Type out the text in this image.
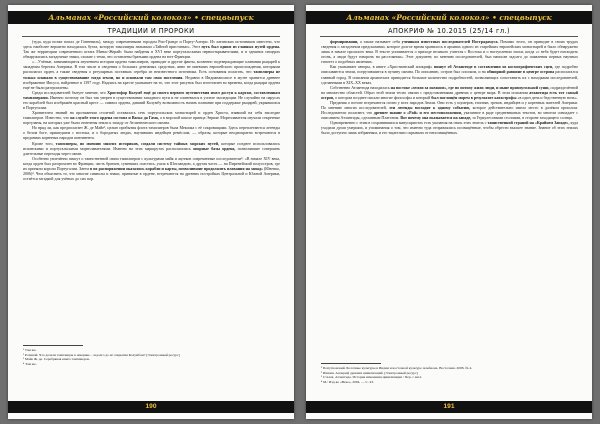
Альманах «Российский колокол» • спецвыпуск
ТРАДИЦИИ И ПРОРОКИ

(туда, куда позже попал де Гонневиль), между современными городом Рио-Гранде и Порту-Алегри. Из латинских источников известно, что здесь наиболее вероятно находилась бухта, которую тамплиеры называли «Тайной пристанью». Этот путь был одним из главных путей ордена. Так же территории современного штата Минас-Жерайс были найдены в XVI веке португальскими первооткрывателями, и в здешних пещерах обнаружились загадочные знаки, схожие с теми, что оставлены братьями ордена на юге Франции.

«…Учёные, занимающиеся изучением истории ордена тамплиеров, приводят и другие факты, косвенно подтверждающие плавания рыцарей к западным берегам Америки. В том числе и сведения о больших денежных средствах, явно не имевших европейского происхождения, которыми располагал орден, а также сведения о регулярных поставках серебра из неизвестного источника. Есть основания полагать, что тамплиеры не только плавали в существовавшие тогда земли, но и основали там свои поселения. Недавно в Индианаполисе в музее хранится древнее изображение Иисуса, найденное в 1397 году. Надпись на кресте указывает на то, что этот рисунок был изготовлен во времена, когда рыцари ордена ещё не были разгромлены.

Среди исследователей бытует мнение, что Христофор Колумб ещё до своего первого путешествия имел доступ к картам, составленным тамплиерами. Именно поэтому он был так уверен в существовании западного пути и не сомневался в успехе экспедиции. Не случайно на парусах его кораблей был изображён красный крест — символ ордена, давший Колумбу возможность начать плавание при поддержке рыцарей, укрывшихся в Португалии.

Хранителем знаний на протяжении столетий оставалась сеть португальских монастырей и орден Христа, взявший на себя наследие тамплиеров. Известно, что на службе этого ордена состоял и Васко да Гама, а в морской школе принца Энрике Мореплавателя изучали секретные портуланы, на которых уже были отмечены земли к западу от Атлантического океана.

Но вряд ли, как предполагает Ж. де Майе¹, целью прибытия флота тамплиеров была Мексика с её сокровищами. Здесь переплетаются легенды о белом боге, пришедшем с востока, и о бородатых людях, научивших индейцев ремёслам, — образы, которые неоднократно встречаются в преданиях коренных народов континента.

Кроме того, тамплиеры, по мнению многих историков, создали систему тайных морских путей, которые позднее использовались испанскими и португальскими мореплавателями. Именно на этих маршрутах располагались опорные базы ордена, позволявшие совершать длительные переходы через океан.

Особенно увлечённо пишут о таинственной связи тамплиеров с культурами майя и ацтеков современные исследователи²: «В начале XIV века, когда орден был разгромлен во Франции, часть братьев, сумевших спастись, ушла в Шотландию, а другая часть — на Пиренейский полуостров, где их приняли короли Португалии. Затем в их распоряжении оказались корабли и карты, позволившие продолжить плавания на запад» (Ювенко, 2006)³. Чем объяснить то, что многие символы и знаки, принятые в ордене, встречаются на древних постройках Центральной и Южной Америки, остаётся загадкой для учёных до сих пор.

¹ Там же.
² Ролинай. Что делали тамплиеры в Америке – задолго до её открытия Колумбом? [Электронный ресурс]
³ Майе Ж. де. Серебряная книга тамплиеров.
⁴ Там же.
190
Альманах «Российский колокол» • спецвыпуск
АПОКРИФ № 10.2015 (25/14 гл.)

формировании, а также называет себя учеником известных последователей Нострадамуса. Помимо этого, он приводит в своих трудах сведения о загадочном предсказании, которое долгое время хранилось в архивах одного из старейших европейских монастырей и было обнаружено лишь в начале прошлого века. В тексте упоминается о приходе великого учителя с Востока и о наступлении эпохи, когда «с неба будет нисходить огонь, а люди будут говорить на расстоянии». Этот документ, по мнению исследователей, был написан задолго до появления первых научных гипотез о подобных явлениях.

Как указывают авторы, в книге «Христианский апокриф» пишут об Атлантиде в составлении из космографических сцен, где подробно описываются земли, погрузившиеся в пучину океана. По описанию, остров был плоским, и на обширной равнине в центре острова располагался главный город. В описании архипелага приводится большое количество подробностей, позволяющих сопоставить их с находками исследователей, сделанными в XIX–XX веках.

Собственно Атлантида находилась на востоке «земли за океаном», где по потопу жили люди, и ныне прямоугольной суши, подразделённой на множество областей. Образ этой земли тесно связан с представлениями древних о центре мира. В этом описании атлантида есть тот самый остров, о котором позднее писали многие философы и который был поглощён морем в результате катастрофы «в один день и бедственную ночь».

Предания о потопе встречаются почти у всех народов Земли. Они есть у шумеров, египтян, греков, индийцев и у коренных жителей Америки. По мнению многих исследователей, эти легенды восходят к одному событию, которое действительно имело место в далёком прошлом. Исследователи полагают, что древнее знание о «Рай» и его местоположении, указанное в ряде средневековых текстов, во многом совпадает с описанием Атлантиды, сделанным Платоном. Вот почему она оказывается на западе, за Геркулесовыми столпами, в стороне заходящего солнца.

Одновременно с этим в сохранившихся манускриптах есть указания на связь этих земель с таинственной страной на «Крайнем Западе», куда уходили души умерших, и упоминания о том, что именно туда отправлялись посвящённые, чтобы обрести высшее знание. Знание об этих землях было доступно лишь избранным, и его тщательно скрывали от непосвящённых.

¹ Попутновский. Болотные культуры в Индии и восточной культуре Альбиона. Восточная. 2008. № 4.
² Ишкин. Апокриф древних цивилизаций. [Электронный ресурс]
³ Сталев. Атлантида. История изменения цивилизации / Пер. с англ.
⁴ М.: Изд-во «Вече», 2004. — С. 43.
191
